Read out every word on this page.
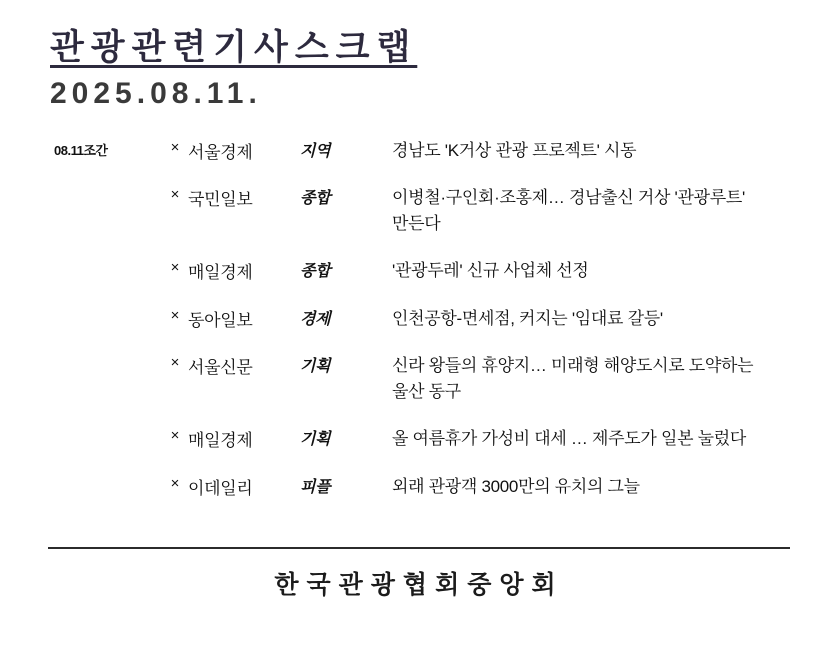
관광관련기사스크랩
2025.08.11.
08.11조간	×	서울경제	지역	경남도 'K거상 관광 프로젝트' 시동

	×	국민일보	종합	이병철·구인회·조홍제… 경남출신 거상 '관광루트' 만든다

	×	매일경제	종합	'관광두레' 신규 사업체 선정

	×	동아일보	경제	인천공항-면세점, 커지는 '임대료 갈등'

	×	서울신문	기획	신라 왕들의 휴양지… 미래형 해양도시로 도약하는 울산 동구

	×	매일경제	기획	올 여름휴가 가성비 대세 … 제주도가 일본 눌렀다

	×	이데일리	피플	외래 관광객 3000만의 유치의 그늘
한국관광협회중앙회
